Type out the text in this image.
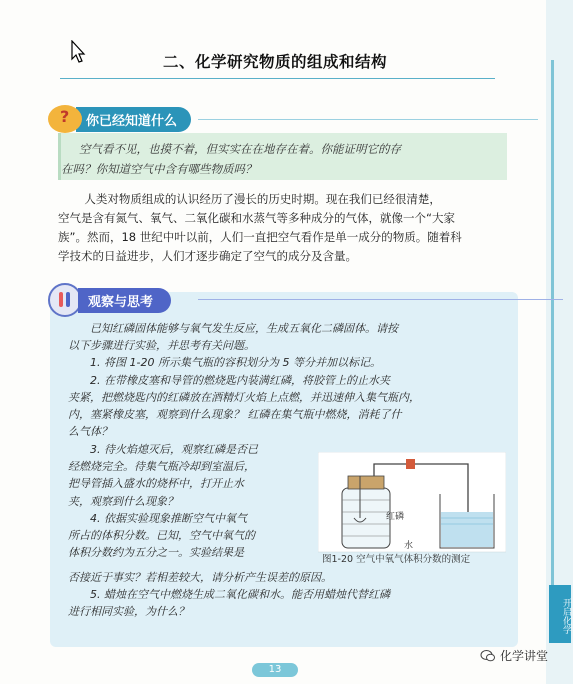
开启化学
二、化学研究物质的组成和结构
?	你已经知道什么

空气看不见，也摸不着，但实实在在地存在着。你能证明它的存
在吗？你知道空气中含有哪些物质吗？

人类对物质组成的认识经历了漫长的历史时期。现在我们已经很清楚，
空气是含有氮气、氧气、二氧化碳和水蒸气等多种成分的气体，就像一个“大家
族”。然而，18 世纪中叶以前，人们一直把空气看作是单一成分的物质。随着科
学技术的日益进步，人们才逐步确定了空气的成分及含量。
观察与思考
已知红磷固体能够与氧气发生反应，生成五氧化二磷固体。请按
以下步骤进行实验，并思考有关问题。
1. 将图 1-20 所示集气瓶的容积划分为 5 等分并加以标记。
2. 在带橡皮塞和导管的燃烧匙内装满红磷，将胶管上的止水夹
夹紧，把燃烧匙内的红磷放在酒精灯火焰上点燃，并迅速伸入集气瓶内，
内，塞紧橡皮塞，观察到什么现象？ 红磷在集气瓶中燃烧，消耗了什
么气体？
3. 待火焰熄灭后，观察红磷是否已
经燃烧完全。待集气瓶冷却到室温后，
把导管插入盛水的烧杯中，打开止水
夹，观察到什么现象？
4. 依据实验现象推断空气中氧气
所占的体积分数。已知，空气中氧气的
体积分数约为五分之一。实验结果是
否接近于事实？若相差较大，请分析产生误差的原因。
5. 蜡烛在空气中燃烧生成二氧化碳和水。能否用蜡烛代替红磷
进行相同实验，为什么？
红磷
水
图1-20 空气中氧气体积分数的测定
13
化学讲堂
